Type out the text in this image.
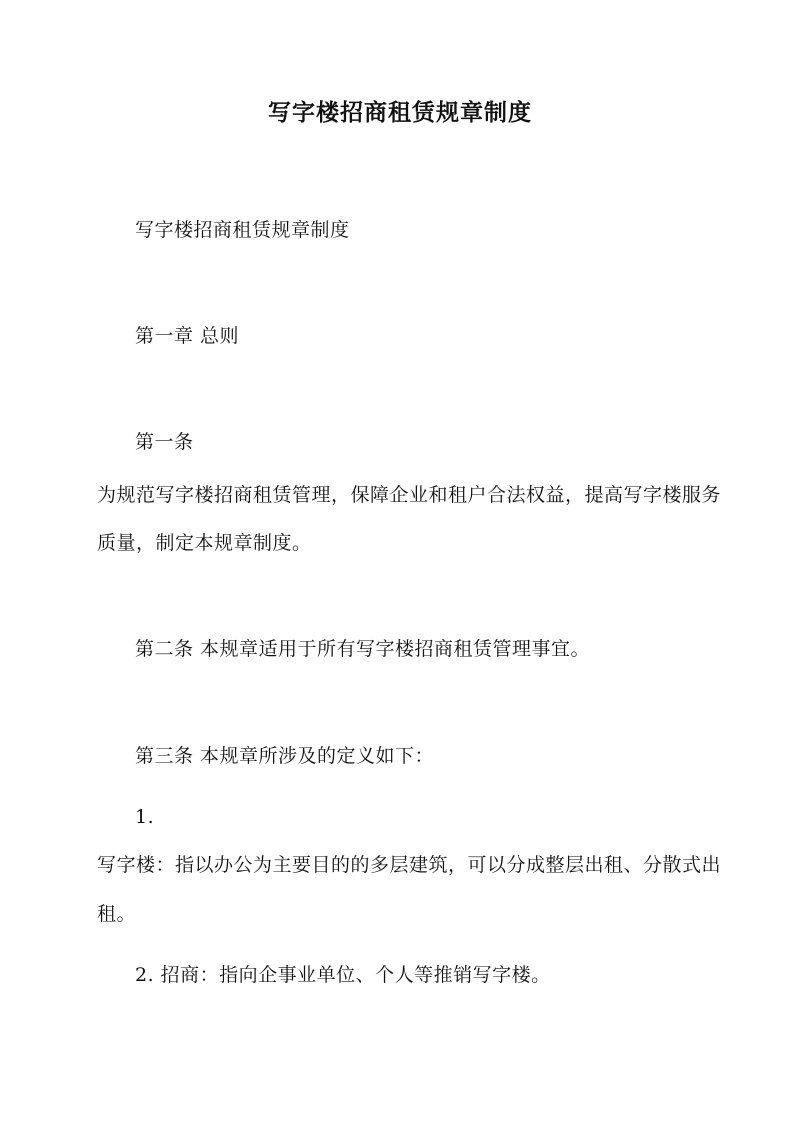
写字楼招商租赁规章制度
写字楼招商租赁规章制度
第一章 总则
第一条
为规范写字楼招商租赁管理，保障企业和租户合法权益，提高写字楼服务
质量，制定本规章制度。
第二条 本规章适用于所有写字楼招商租赁管理事宜。
第三条 本规章所涉及的定义如下：
1.
写字楼：指以办公为主要目的的多层建筑，可以分成整层出租、分散式出
租。
2. 招商：指向企事业单位、个人等推销写字楼。
